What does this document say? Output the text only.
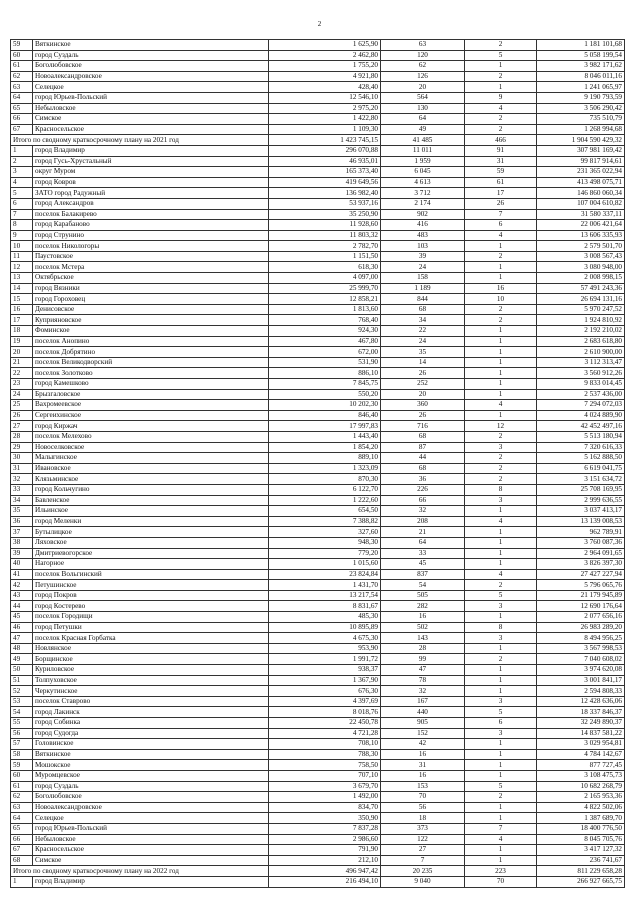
2
59	Вяткинское	1 625,90	63	2	1 181 101,68
60	город Суздаль	2 462,80	120	5	5 058 199,54
61	Боголюбовское	1 755,20	62	1	3 982 171,62
62	Новоалександровское	4 921,80	126	2	8 046 011,16
63	Селецкое	428,40	20	1	1 241 065,97
64	город Юрьев-Польский	12 546,10	564	9	9 190 793,59
65	Небыловское	2 975,20	130	4	3 506 290,42
66	Симское	1 422,80	64	2	735 510,79
67	Красносельское	1 109,30	49	2	1 268 994,68
Итого по сводному краткосрочному плану на 2021 год		1 423 745,15	41 485	466	1 904 590 429,32
1	город Владимир	296 070,88	11 011	91	307 981 169,42
2	город Гусь-Хрустальный	46 935,01	1 959	31	99 817 914,61
3	округ Муром	165 373,40	6 045	59	231 365 022,94
4	город Ковров	419 649,56	4 613	61	413 498 075,71
5	ЗАТО город Радужный	136 982,40	3 712	17	146 860 060,34
6	город Александров	53 937,16	2 174	26	107 004 610,82
7	поселок Балакирево	35 250,90	902	7	31 580 337,11
8	город Карабаново	11 928,60	416	6	22 006 421,64
9	город Струнино	11 803,32	483	4	13 606 335,93
10	поселок Никологоры	2 782,70	103	1	2 579 501,70
11	Паустовское	1 151,50	39	2	3 008 567,43
12	поселок Мстера	618,30	24	1	3 080 948,00
13	Октябрьское	4 097,00	158	1	2 008 998,15
14	город Вязники	25 999,70	1 189	16	57 491 243,36
15	город Гороховец	12 858,21	844	10	26 694 131,16
16	Денисовское	1 813,60	68	2	5 970 247,52
17	Куприяновское	768,40	34	2	1 924 810,92
18	Фоминское	924,30	22	1	2 192 210,02
19	поселок Анопино	467,80	24	1	2 683 618,80
20	поселок Добрятино	672,00	35	1	2 610 900,00
21	поселок Великодворский	531,90	14	1	3 112 313,47
22	поселок Золотково	886,10	26	1	3 560 912,26
23	город Камешково	7 845,75	252	1	9 833 014,45
24	Брызгаловское	550,20	20	1	2 537 436,00
25	Вахромеевское	10 202,30	360	4	7 294 072,03
26	Сергеихинское	846,40	26	1	4 024 889,90
27	город Киржач	17 997,83	716	12	42 452 497,16
28	поселок Мелехово	1 443,40	68	2	5 513 180,94
29	Новоселковское	1 854,20	87	3	7 320 616,33
30	Малыгинское	889,10	44	2	5 162 888,50
31	Ивановское	1 323,09	68	2	6 619 041,75
32	Клязьминское	870,30	36	2	3 151 634,72
33	город Кольчугино	6 122,70	226	8	25 708 169,95
34	Бавленское	1 222,60	66	3	2 999 636,55
35	Ильинское	654,50	32	1	3 037 413,17
36	город Меленки	7 388,82	208	4	13 139 008,53
37	Бутылицкое	327,60	21	1	962 789,91
38	Ляховское	948,30	64	1	3 760 087,36
39	Дмитриевогорское	779,20	33	1	2 964 091,65
40	Нагорное	1 015,60	45	1	3 826 397,30
41	поселок Вольгинский	23 824,84	837	4	27 427 227,94
42	Петушинское	1 431,70	54	2	5 796 065,76
43	город Покров	13 217,54	505	5	21 179 945,89
44	город Костерево	8 831,67	282	3	12 690 176,64
45	поселок Городищи	485,30	16	1	2 077 656,16
46	город Петушки	10 895,89	502	8	26 983 289,20
47	поселок Красная Горбатка	4 675,30	143	3	8 494 956,25
48	Новлянское	953,90	28	1	3 567 998,53
49	Борщинское	1 991,72	99	2	7 040 608,02
50	Куриловское	938,37	47	1	3 974 620,08
51	Толпуховское	1 367,90	78	1	3 001 841,17
52	Черкутинское	676,30	32	1	2 594 808,33
53	поселок Ставрово	4 397,69	167	3	12 428 636,06
54	город Лакинск	8 018,76	440	5	18 337 846,37
55	город Собинка	22 450,78	905	6	32 249 890,37
56	город Судогда	4 721,28	152	3	14 837 581,22
57	Головинское	708,10	42	1	3 029 954,81
58	Вяткинское	788,30	16	1	4 784 142,67
59	Мошокское	758,50	31	1	877 727,45
60	Муромцевское	707,10	16	1	3 108 475,73
61	город Суздаль	3 679,70	153	5	10 682 268,79
62	Боголюбовское	1 492,00	70	2	2 165 953,36
63	Новоалександровское	834,70	56	1	4 822 502,06
64	Селецкое	350,90	18	1	1 387 689,70
65	город Юрьев-Польский	7 837,28	373	7	18 400 776,50
66	Небыловское	2 986,60	122	4	8 045 705,76
67	Красносельское	791,90	27	1	3 417 127,32
68	Симское	212,10	7	1	236 741,67
Итого по сводному краткосрочному плану на 2022 год		496 947,42	20 235	223	811 229 658,28
1	город Владимир	216 494,10	9 040	70	266 927 665,75
